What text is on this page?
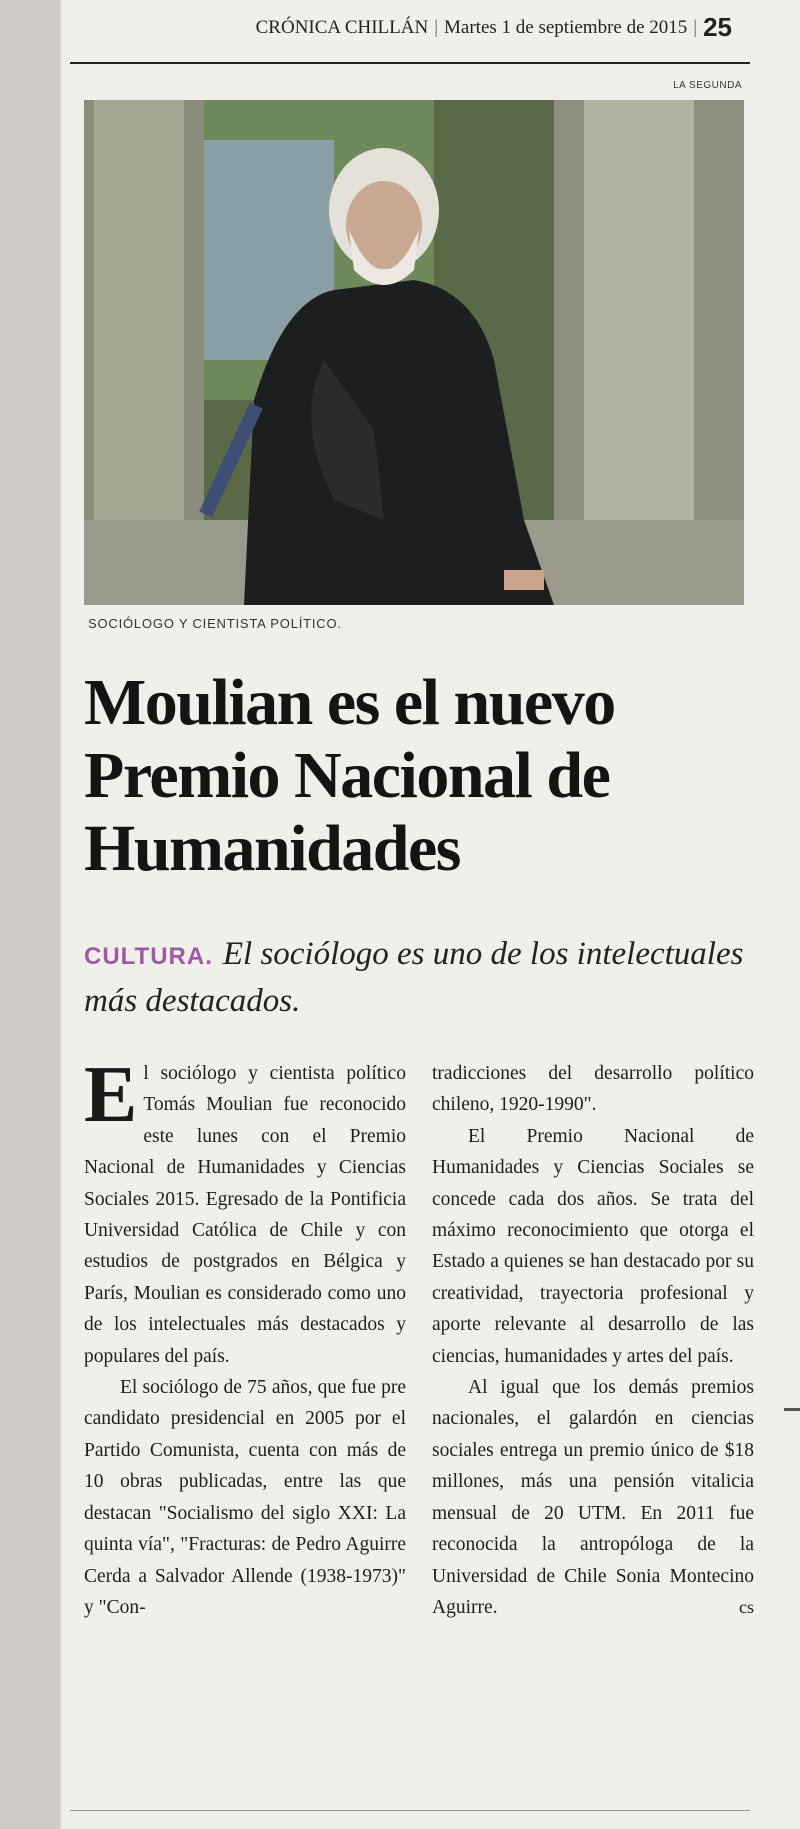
CRÓNICA CHILLÁN | Martes 1 de septiembre de 2015 | 25
LA SEGUNDA
SOCIÓLOGO Y CIENTISTA POLÍTICO.
Moulian es el nuevo Premio Nacional de Humanidades
CULTURA. El sociólogo es uno de los intelectuales más destacados.

El sociólogo y cientista político Tomás Moulian fue reconocido este lunes con el Premio Nacional de Humanidades y Ciencias Sociales 2015. Egresado de la Pontificia Universidad Católica de Chile y con estudios de postgrados en Bélgica y París, Moulian es considerado como uno de los intelectuales más destacados y populares del país.

El sociólogo de 75 años, que fue pre candidato presidencial en 2005 por el Partido Comunista, cuenta con más de 10 obras publicadas, entre las que destacan "Socialismo del siglo XXI: La quinta vía", "Fracturas: de Pedro Aguirre Cerda a Salvador Allende (1938-1973)" y "Con-

tradicciones del desarrollo político chileno, 1920-1990".

El Premio Nacional de Humanidades y Ciencias Sociales se concede cada dos años. Se trata del máximo reconocimiento que otorga el Estado a quienes se han destacado por su creatividad, trayectoria profesional y aporte relevante al desarrollo de las ciencias, humanidades y artes del país.

Al igual que los demás premios nacionales, el galardón en ciencias sociales entrega un premio único de $18 millones, más una pensión vitalicia mensual de 20 UTM. En 2011 fue reconocida la antropóloga de la Universidad de Chile Sonia Montecino Aguirre.	cs
